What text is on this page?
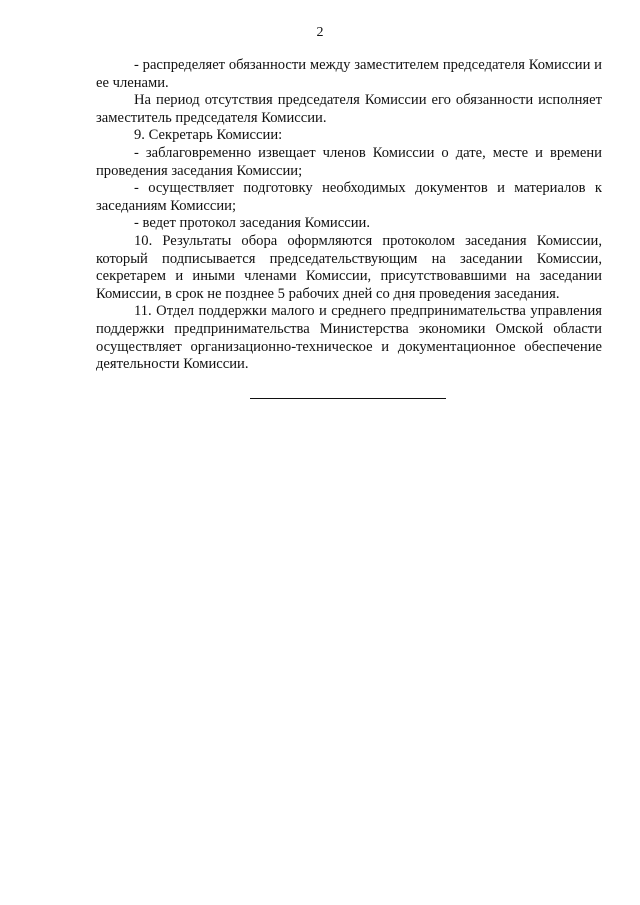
2

- распределяет обязанности между заместителем председателя Комиссии и ее членами.

На период отсутствия председателя Комиссии его обязанности исполняет заместитель председателя Комиссии.

9. Секретарь Комиссии:

- заблаговременно извещает членов Комиссии о дате, месте и времени проведения заседания Комиссии;

- осуществляет подготовку необходимых документов и материалов к заседаниям Комиссии;

- ведет протокол заседания Комиссии.

10. Результаты обора оформляются протоколом заседания Комиссии, который подписывается председательствующим на заседании Комиссии, секретарем и иными членами Комиссии, присутствовавшими на заседании Комиссии, в срок не позднее 5 рабочих дней со дня проведения заседания.

11. Отдел поддержки малого и среднего предпринимательства управления поддержки предпринимательства Министерства экономики Омской области осуществляет организационно-техническое и документационное обеспечение деятельности Комиссии.
